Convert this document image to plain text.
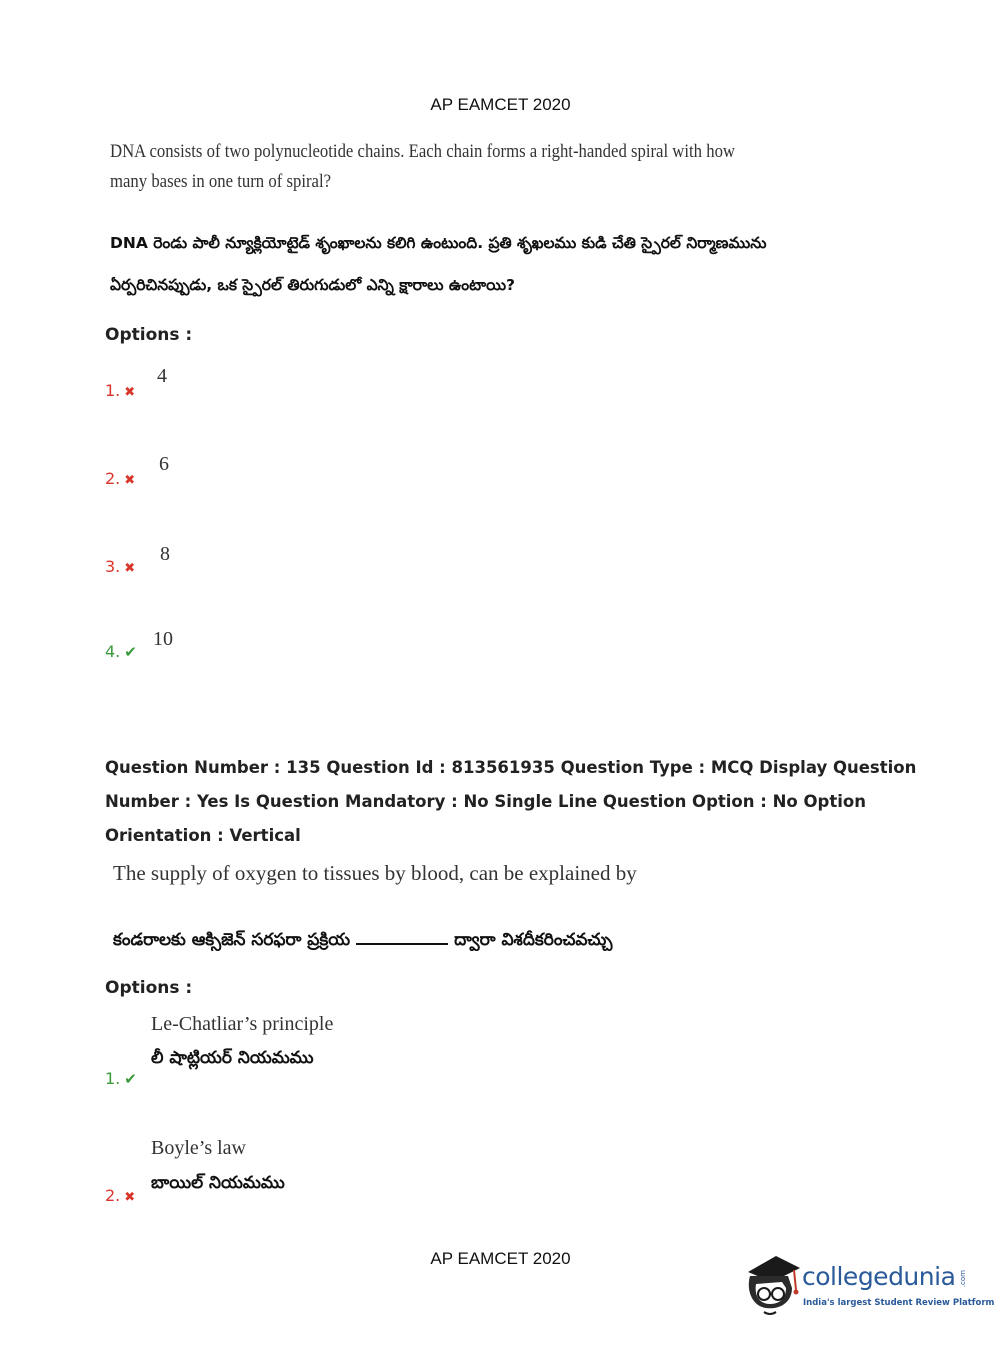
AP EAMCET 2020
DNA consists of two polynucleotide chains. Each chain forms a right-handed spiral with how
many bases in one turn of spiral?
DNA రెండు పాలీ న్యూక్లియోటైడ్ శృంఖాలను కలిగి ఉంటుంది. ప్రతి శృఖలము కుడి చేతి స్పైరల్ నిర్మాణమును
ఏర్పరిచినప్పుడు, ఒక స్పైరల్ తిరుగుడులో ఎన్ని క్షారాలు ఉంటాయి?
Options :
1. ✖
4
2. ✖
6
3. ✖
8
4. ✔
10
Question Number : 135 Question Id : 813561935 Question Type : MCQ Display Question
Number : Yes Is Question Mandatory : No Single Line Question Option : No Option
Orientation : Vertical
The supply of oxygen to tissues by blood, can be explained by
కండరాలకు ఆక్సిజెన్ సరఫరా ప్రక్రియ	ద్వారా విశదీకరించవచ్చు
Options :
Le-Chatliar’s principle
లీ షాట్లియర్ నియమము
1. ✔
Boyle’s law
బాయిల్ నియమము
2. ✖
AP EAMCET 2020
collegedunia .com
India's largest Student Review Platform
